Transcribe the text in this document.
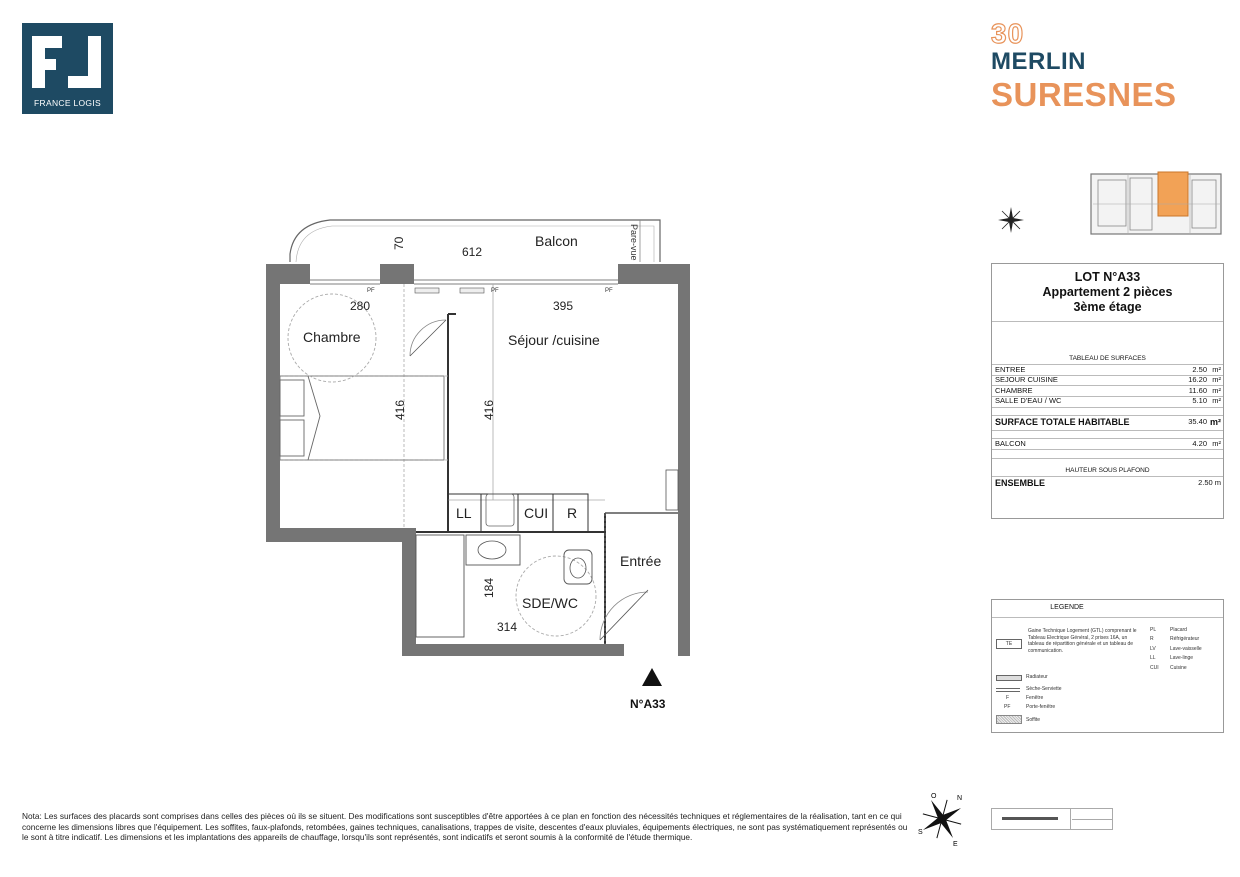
FRANCE LOGIS
30
MERLIN
SURESNES
Balcon
Chambre	Séjour /cuisine
Entrée
SDE/WC
LL	CUI R
612
70
280	395
416	416
184
314
Pare-vue
PF	PF	PF
N°A33
LOT N°A33
Appartement 2 pièces
3ème étage
TABLEAU DE SURFACES
ENTREE	2.50 m²
SEJOUR CUISINE	16.20 m²
CHAMBRE	11.60 m²
SALLE D'EAU / WC	5.10 m²
SURFACE TOTALE HABITABLE	35.40 m²
BALCON	4.20 m²
HAUTEUR SOUS PLAFOND
ENSEMBLE	2.50 m
LEGENDE
TE
Gaine Technique Logement (GTL) comprenant le Tableau Electrique Général, 2 prises 16A, un tableau de répartition générale et un tableau de communication.
Radiateur
Sèche-Serviette
F	Fenêtre
PF	Porte-fenêtre
Soffite
PL	Placard
R	Réfrigérateur
LV	Lave-vaisselle
LL	Lave-linge
CUI Cuisine
Nota: Les surfaces des placards sont comprises dans celles des pièces où ils se situent. Des modifications sont susceptibles d'être apportées à ce plan en fonction des nécessités techniques et réglementaires de la réalisation, tant en ce qui concerne les dimensions libres que l'équipement. Les soffites, faux-plafonds, retombées, gaines techniques, canalisations, trappes de visite, descentes d'eaux pluviales, équipements électriques, ne sont pas systématiquement représentés ou le sont à titre indicatif. Les dimensions et les implantations des appareils de chauffage, lorsqu'ils sont représentés, sont indicatifs et seront soumis à la conformité de l'étude thermique.
O	N
S
E
